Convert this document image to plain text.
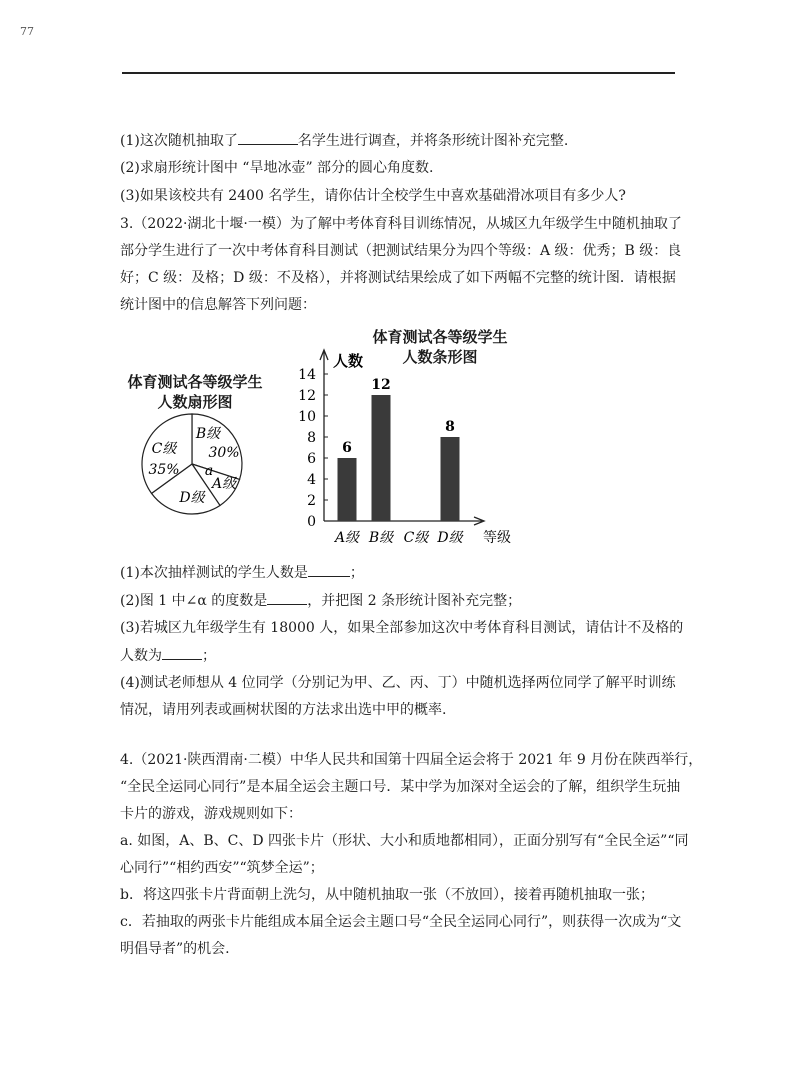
77
(1)这次随机抽取了	名学生进行调查，并将条形统计图补充完整.
(2)求扇形统计图中 “旱地冰壶” 部分的圆心角度数.
(3)如果该校共有 2400 名学生，请你估计全校学生中喜欢基础滑冰项目有多少人?
3.（2022·湖北十堰·一模）为了解中考体育科目训练情况，从城区九年级学生中随机抽取了
部分学生进行了一次中考体育科目测试（把测试结果分为四个等级：A 级：优秀；B 级：良
好；C 级：及格；D 级：不及格），并将测试结果绘成了如下两幅不完整的统计图．请根据
统计图中的信息解答下列问题：
体育测试各等级学生
人数扇形图
B级
30%
a
A级
D级
C级
35%
体育测试各等级学生
人数条形图
人数
0
2
4
6
8
10
12
14
6
A级
12
B级 C级
8
D级 等级
(1)本次抽样测试的学生人数是	；
(2)图 1 中∠α 的度数是	，并把图 2 条形统计图补充完整；
(3)若城区九年级学生有 18000 人，如果全部参加这次中考体育科目测试，请估计不及格的
人数为	；
(4)测试老师想从 4 位同学（分别记为甲、乙、丙、丁）中随机选择两位同学了解平时训练
情况，请用列表或画树状图的方法求出选中甲的概率.
4.（2021·陕西渭南·二模）中华人民共和国第十四届全运会将于 2021 年 9 月份在陕西举行，
“全民全运同心同行”是本届全运会主题口号．某中学为加深对全运会的了解，组织学生玩抽
卡片的游戏，游戏规则如下：
a. 如图，A、B、C、D 四张卡片（形状、大小和质地都相同），正面分别写有“全民全运”“同
心同行”“相约西安”“筑梦全运”；
b．将这四张卡片背面朝上洗匀，从中随机抽取一张（不放回），接着再随机抽取一张；
c．若抽取的两张卡片能组成本届全运会主题口号“全民全运同心同行”，则获得一次成为“文
明倡导者”的机会.
